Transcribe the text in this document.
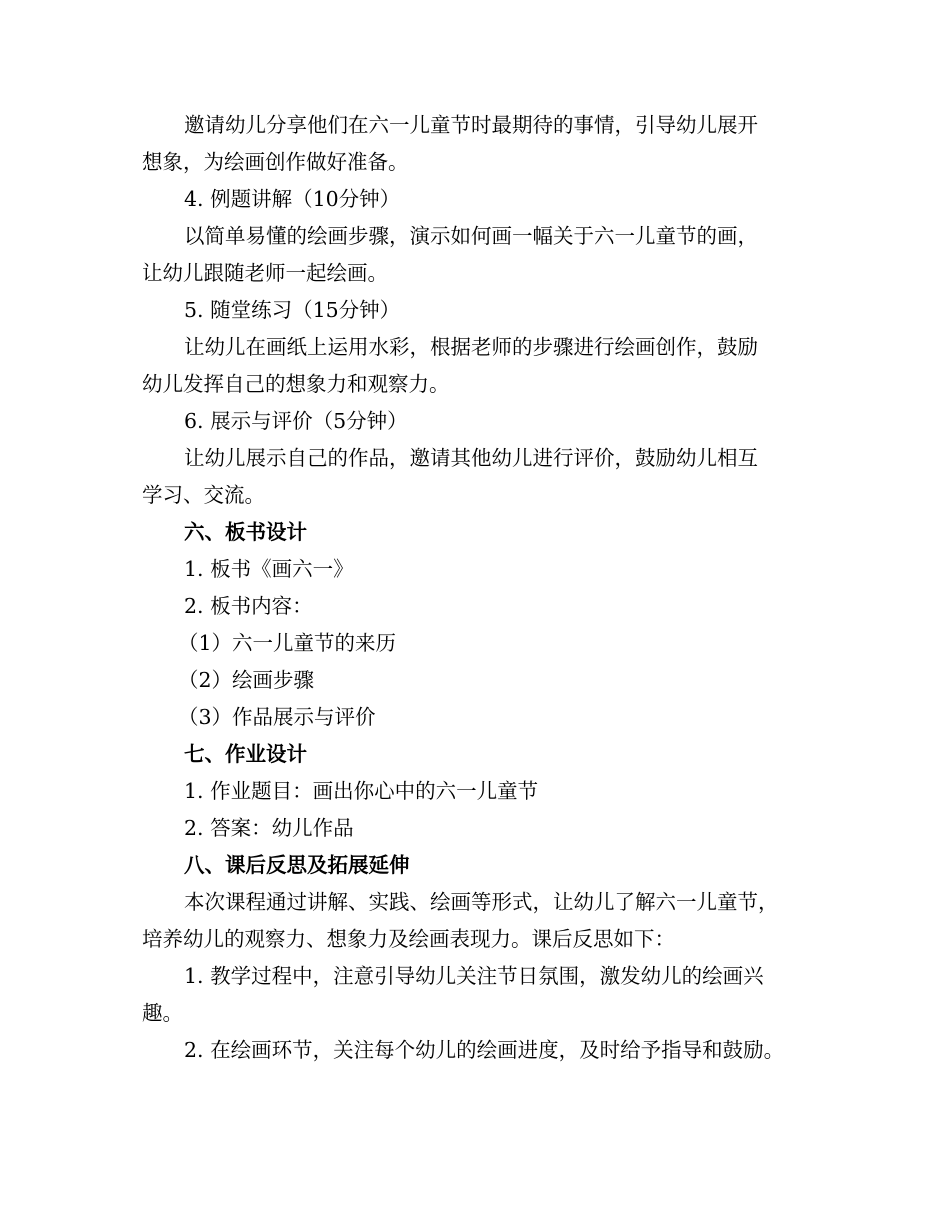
邀请幼儿分享他们在六一儿童节时最期待的事情，引导幼儿展开
想象，为绘画创作做好准备。
4. 例题讲解（10分钟）
以简单易懂的绘画步骤，演示如何画一幅关于六一儿童节的画，
让幼儿跟随老师一起绘画。
5. 随堂练习（15分钟）
让幼儿在画纸上运用水彩，根据老师的步骤进行绘画创作，鼓励
幼儿发挥自己的想象力和观察力。
6. 展示与评价（5分钟）
让幼儿展示自己的作品，邀请其他幼儿进行评价，鼓励幼儿相互
学习、交流。
六、板书设计
1. 板书《画六一》
2. 板书内容：
（1）六一儿童节的来历
（2）绘画步骤
（3）作品展示与评价
七、作业设计
1. 作业题目：画出你心中的六一儿童节
2. 答案：幼儿作品
八、课后反思及拓展延伸
本次课程通过讲解、实践、绘画等形式，让幼儿了解六一儿童节，
培养幼儿的观察力、想象力及绘画表现力。课后反思如下：
1. 教学过程中，注意引导幼儿关注节日氛围，激发幼儿的绘画兴
趣。
2. 在绘画环节，关注每个幼儿的绘画进度，及时给予指导和鼓励。
